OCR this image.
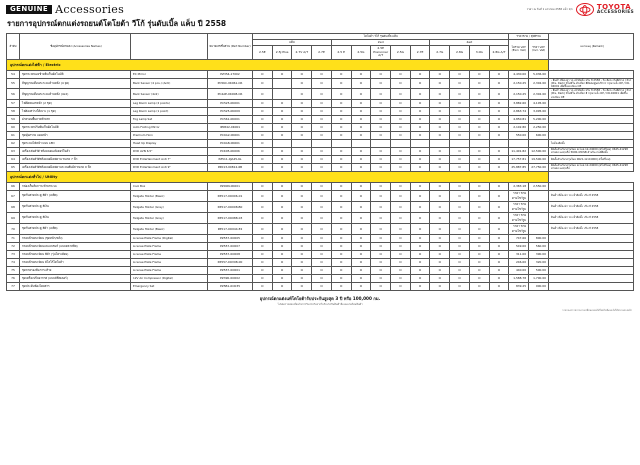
GENUINE Accessories	ราคา ณ วันที่ 1 มกราคม 2558 หน้า 1/1	TOYOTA
ACCESSORIES
รายการอุปกรณ์ตกแต่งรถยนต์โตโยต้า วีโก้ รุ่นดับเบิ้ล แค็บ ปี 2558
ลำดับ	ชื่ออุปกรณ์ตกแต่ง (Accessories Names)		หมายเลขชิ้นส่วน (Part Number)	โตโยต้า วีโก้ รุ่นดับเบิ้ล แค็บ													ราคาขาย / สุทธิรวม		หมายเหตุ (Remark)
				แค็บ				2wd					4wd				ไม่รวม VAT (Excl. Vat)	ราคา VAT (Incl. Vat)	
				2.5E	2.5J Plus	2.7V A/T	2.7E	2.5 E	2.5G	2.5E Prerunner A/T	2.5G	2.7E	2.7G	2.8G	3.0G	2.8G A/T			
อุปกรณ์ตกแต่งไฟฟ้า / Electric																			
54	ชุดกระจกมองข้างพับเก็บอัตโนมัติ	EC Mirror	PZ354-17002	O	O	O	O	O	O	O	O	O	O	O	O	O	4,430.00	5,036.00	
55	สัญญาณเตือนกะระยะด้านหลัง (4 จุด)	Back Sensor (4 pcs.) (Anti)	PC56C-0K061-CR	O		O	O	O	O	O	O	O	O	O	O	O	2,150.25	2,302.00	- สินค้า ที่ต้องนำ รถ เข้าติดตั้ง ปรับ ปี 2558 - รับ สีตรง กับสีตัวรถ / P.U. (Pre, Dark) ที่ไม่มีใน ตัวเลือก สีติดต่อศูนย์บริการ กรุณาแจ้ง OP / CR-04001 เพื่อขึ้นทะเบียน OE
56	สัญญาณเตือนกะระยะด้านหลัง (4x2)	Back Sensor (4x2)	PC4AE-0K008-CR	O		O	O	O	O	O	O	O	O	O	O	O	2,150.25	2,302.00	- สินค้า ที่ต้องนำ รถ เข้าติดตั้ง ปรับ ปี 2558 - รับ สีตรง กับสีตัวรถ / P.U. (Pre, Dark) ที่ไม่มีใน ตัวเลือก สี กรุณาแจ้ง OP / CR-04001 เพื่อขึ้นทะเบียน OE
57	ไฟตัดหมอกหน้า (2 ชุด)	Leg Room Lamp (2 points)	PC525-0K001	O	O	O	O	O	O	O	O	O	O	O	O	O	3,882.60	4,105.00	
58	ไฟส่องสว่างใต้เบาะ (1 ชุด)	Leg Room Lamp (1 point)	PC525-0K009	O	O	O	O	O	O	O	O	O	O	O	O	O	2,863.74	3,095.00	
59	ฝาครอบพื้นถาดท้ายรถ	Fog Lamp Set	PC561-0K001	O	O	O	O	O	O	O	O	O	O	O	O	O	4,850.81	5,200.00	
60	ชุดกระจกปรับพับเก็บอัตโนมัติ	Auto Folding Mirror	IP0842-0K001	O	O	O	O	O	O	O	O	O	O	O	O	O	2,102.80	2,250.00	
61	ชุดฝุ่นกรวย แผงหน้า	Premium Horn	PC0A2-0K001	O	O	O	O	O	O	O	O	O	O	O	O	O	550.00	600.00	
62	ชุดระบบไฟหน้า แบบ LED	Head Up Display	PC0A8-0K001	O															ไม่ต้องติดตั้ง
63	เครื่องเล่นดีวีดี พร้อมจอมอนิเตอร์ในตัว	DVD AVN 6.5"	PCK05-0K00K	O	O	O	O	O	O	O	O	O	O	O	O	O	11,401.82	12,500.00	ติดตั้งสำหรับรถรุ่นใหม่ อะไหล่ 12-24000 (ครั้งที่ใหม่) 0645-41298 สายต่อ และ/หรือ 5600-43CSB สำหรับงานที่ติดตั้ง
64	เครื่องเล่นดีวีดีพร้อมจอฝังเพดาน ขนาด 7 นิ้ว	DVD Entertainment Anti 7"	PZ511-0JA45-6L	O	O	O	O	O	O	O	O	O	O	O	O	O	17,757.81	19,500.00	ติดตั้งสำหรับรถรุ่นใหม่ 0621-12-04000( ครั้งที่ใหม่)
65	เครื่องเล่นดีวีดีพร้อมจอฝังเพดานระบบสัมผัส ขนาด 9 นิ้ว	DVD Entertainment Anti 9"	PZ013-00812-6B	O	O	O	O	O	O	O	O	O	O	O	O	O	25,887.85	27,750.00	ติดตั้งสำหรับรถรุ่นใหม่ อะไหล่ 12-24000 (ครั้งที่ใหม่) 0645-41298 สายต่อ และ/หรือ
อุปกรณ์ตกแต่งทั่วไป / Utility																			
66	กล่องเก็บสัมภาระท้ายกระบะ	Cool Box	PZ00N-0K001	O	O	O	O	O	O	O	O	O	O	O	O	O	2,383.18	2,550.00	
67	ชุดกันสาดประตู สีดำ (เบสิค)	Tailgate Holder (Basic)	PZ517-0O006-01	O	O	O	O	O	O	O	O	O	O	O	O	O	ราคา ขาย ตามโชว์รูม		สินค้า ที่ต้องนำ รถ เข้าติดตั้ง ปรับ ปี 2558
68	ชุดกันสาดประตู สีเงิน	Tailgate Holder (Gray)	PZ517-0O008-B0	O	O	O	O	O	O	O	O	O	O	O	O	O	ราคา ขาย ตามโชว์รูม		สินค้า ที่ต้องนำ รถ เข้าติดตั้ง ปรับ ปี 2558
69	ชุดกันสาดประตู สีเงิน	Tailgate Holder (Gray)	PZ517-0O088-03	O	O	O	O	O	O	O	O	O	O	O	O	O	ราคา ขาย ตามโชว์รูม		สินค้า ที่ต้องนำ รถ เข้าติดตั้ง ปรับ ปี 2558
70	ชุดกันสาดประตู สีดำ (เบสิค)	Tailgate Holder (Basic)	PZ517-0O044-E2	O	O	O	O	O	O	O	O	O	O	O	O	O	ราคา ขาย ตามโชว์รูม		สินค้า ที่ต้องนำ รถ เข้าติดตั้ง ปรับ ปี 2558
71	กรอบป้ายทะเบียน (ชุดหน้า/หลัง)	License Plate Frame (Digital)	PZ557-0O005	O	O	O	O	O	O	O	O	O	O	O	O	O	747.66	800.00	
72	กรอบป้ายทะเบียนและเลเซอร์ (แบบคลาสสิค)	License Plate Frame	PZ557-0O007	O	O	O	O	O	O	O	O	O	O	O	O	O	549.00	560.00	
73	กรอบป้ายทะเบียน สีดำ (รุ่นโครเมี่ยม)	License Plate Frame	PZ557-0O008	O	O	O	O	O	O	O	O	O	O	O	O	O	311.00	390.00	
74	กรอบป้ายทะเบียน มีโลโก้โตโยต้า	License Plate Frame	PZ557-0OV08-00	O	O	O	O	O	O	O	O	O	O	O	O	O	246.00	320.00	
75	ชุดถาดรองสัมภาระท้าย	License Plate Frame	PZ557-0O001	O	O	O	O	O	O	O	O	O	O	O	O	O	440.00	500.00	
76	ชุดเครื่องปรับอากาศ (แบบมีฟิลเตอร์)	12V Air Compressor (Digital)	PZ390-0O002	O	O	O	O	O	O	O	O	O	O	O	O	O	1,588.78	1,700.00	
77	ชุดประดับห้องโดยสาร	Emergency Set	PZ5B1-0O035	O	O	O	O	O	O	O	O	O	O	O	O	O	839.25	900.00	
อุปกรณ์ตกแต่งแท้โตโยต้ารับประกันสูงสุด 3 ปี หรือ 100,000 กม.
โปรดตรวจสอบเงื่อนไขการรับประกันจากใบรับประกันสินค้าที่แนบมาพร้อมสินค้า
ราคาและรายการอาจเปลี่ยนแปลงได้โดยไม่ต้องแจ้งให้ทราบล่วงหน้า
